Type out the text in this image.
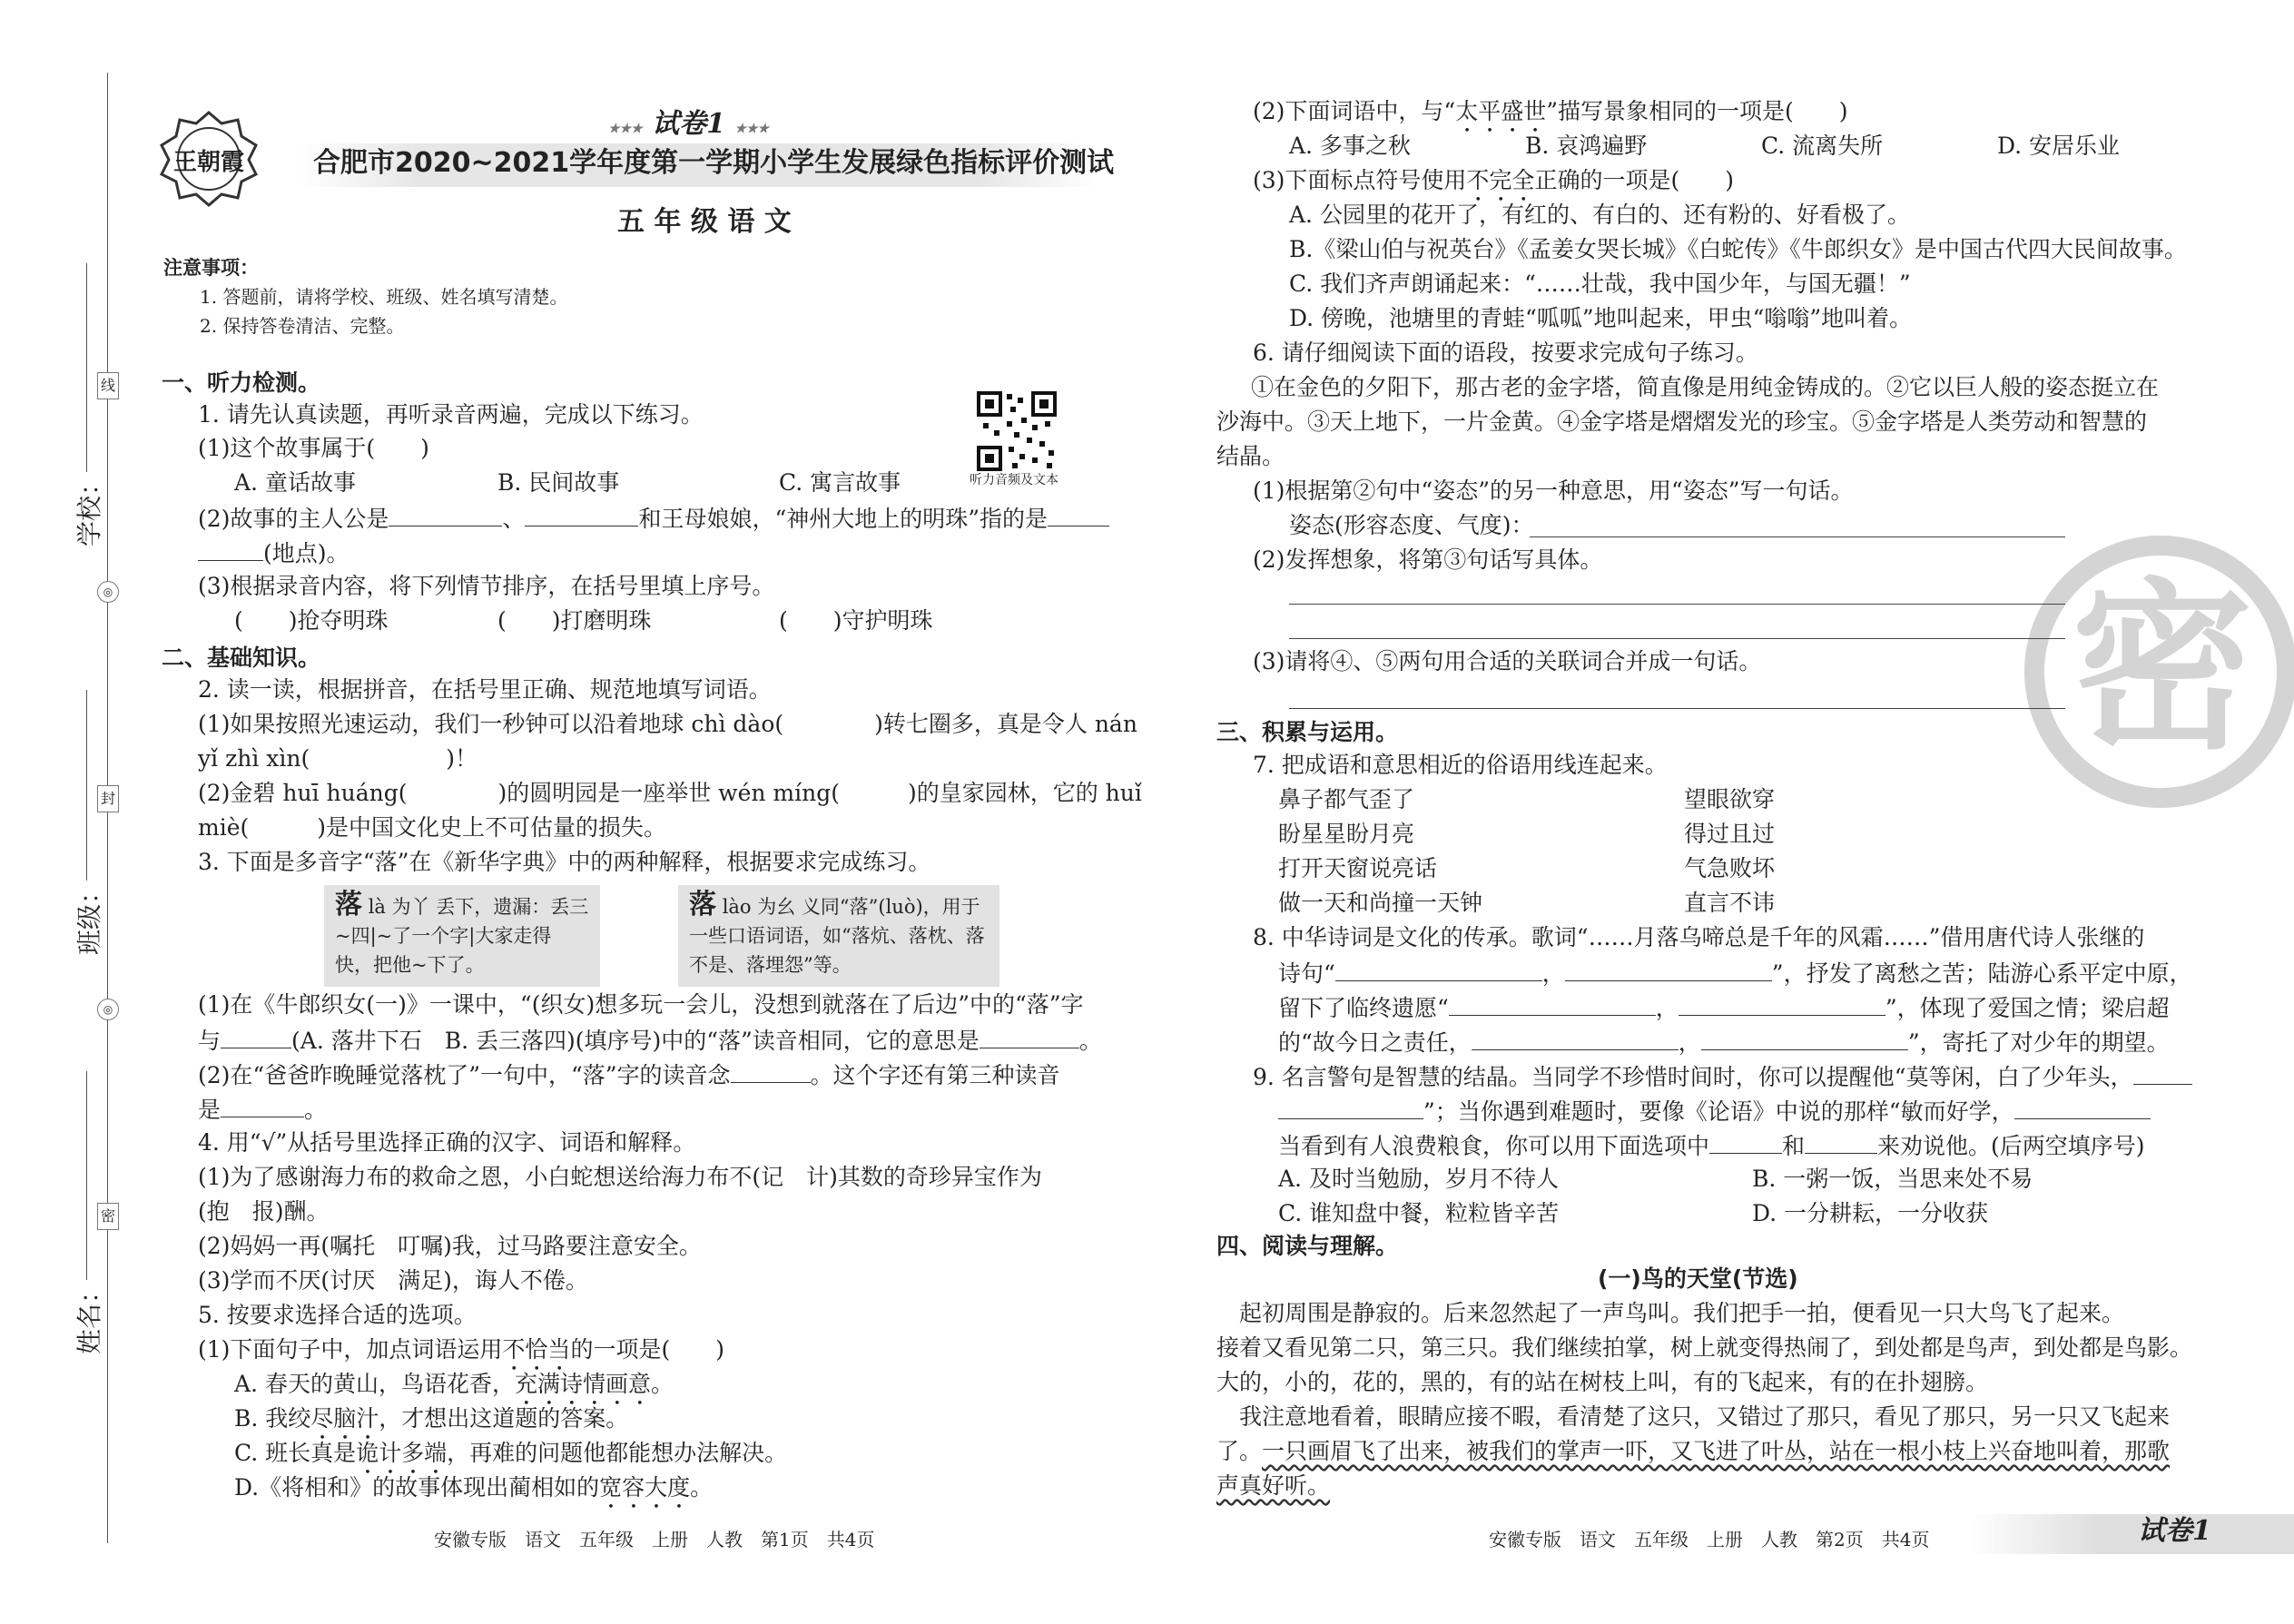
线
封
密
◎
◎
学校：
班级：
姓名：
王朝霞
★★★ 试卷1 ★★★
合肥市2020~2021学年度第一学期小学生发展绿色指标评价测试
五 年 级 语 文
注意事项：
1. 答题前，请将学校、班级、姓名填写清楚。
2. 保持答卷清洁、完整。
听力音频及文本
一、听力检测。
1. 请先认真读题，再听录音两遍，完成以下练习。
(1)这个故事属于(　　)
A. 童话故事	B. 民间故事	C. 寓言故事
(2)故事的主人公是	、	和王母娘娘，“神州大地上的明珠”指的是
(地点)。
(3)根据录音内容，将下列情节排序，在括号里填上序号。
(　　)抢夺明珠	(　　)打磨明珠	(　　)守护明珠
二、基础知识。
2. 读一读，根据拼音，在括号里正确、规范地填写词语。
(1)如果按照光速运动，我们一秒钟可以沿着地球 chì dào(　　　　)转七圈多，真是令人 nán
yǐ zhì xìn(　　　　　　)！
(2)金碧 huī huáng(　　　　)的圆明园是一座举世 wén míng(　　　)的皇家园林，它的 huǐ
miè(　　　)是中国文化史上不可估量的损失。
3. 下面是多音字“落”在《新华字典》中的两种解释，根据要求完成练习。
落 là 为丫 丢下，遗漏：丢三~四|~了一个字|大家走得快，把他~下了。
落 lào 为幺 义同“落”(luò)，用于一些口语词语，如“落炕、落枕、落不是、落埋怨”等。
(1)在《牛郎织女(一)》一课中，“(织女)想多玩一会儿，没想到就落在了后边”中的“落”字
与	(A. 落井下石　B. 丢三落四)(填序号)中的“落”读音相同，它的意思是	。
(2)在“爸爸昨晚睡觉落枕了”一句中，“落”字的读音念	。这个字还有第三种读音
是	。
4. 用“√”从括号里选择正确的汉字、词语和解释。
(1)为了感谢海力布的救命之恩，小白蛇想送给海力布不(记　计)其数的奇珍异宝作为
(抱　报)酬。
(2)妈妈一再(嘱托　叮嘱)我，过马路要注意安全。
(3)学而不厌(讨厌　满足)，诲人不倦。
5. 按要求选择合适的选项。
(1)下面句子中，加点词语运用不恰当的一项是(　　)
A. 春天的黄山，鸟语花香，充满诗情画意。
B. 我绞尽脑汁，才想出这道题的答案。
C. 班长真是诡计多端，再难的问题他都能想办法解决。
D.《将相和》的故事体现出蔺相如的宽容大度。
安徽专版　语文　五年级　上册　人教　第1页　共4页
密
(2)下面词语中，与“太平盛世”描写景象相同的一项是(　　)
A. 多事之秋	B. 哀鸿遍野	C. 流离失所	D. 安居乐业
(3)下面标点符号使用不完全正确的一项是(　　)
A. 公园里的花开了，有红的、有白的、还有粉的、好看极了。
B.《梁山伯与祝英台》《孟姜女哭长城》《白蛇传》《牛郎织女》是中国古代四大民间故事。
C. 我们齐声朗诵起来：“……壮哉，我中国少年，与国无疆！”
D. 傍晚，池塘里的青蛙“呱呱”地叫起来，甲虫“嗡嗡”地叫着。
6. 请仔细阅读下面的语段，按要求完成句子练习。
①在金色的夕阳下，那古老的金字塔，简直像是用纯金铸成的。②它以巨人般的姿态挺立在
沙海中。③天上地下，一片金黄。④金字塔是熠熠发光的珍宝。⑤金字塔是人类劳动和智慧的
结晶。
(1)根据第②句中“姿态”的另一种意思，用“姿态”写一句话。
姿态(形容态度、气度)：
(2)发挥想象，将第③句话写具体。
(3)请将④、⑤两句用合适的关联词合并成一句话。
三、积累与运用。
7. 把成语和意思相近的俗语用线连起来。
鼻子都气歪了	望眼欲穿
盼星星盼月亮	得过且过
打开天窗说亮话	气急败坏
做一天和尚撞一天钟	直言不讳
8. 中华诗词是文化的传承。歌词“……月落乌啼总是千年的风霜……”借用唐代诗人张继的
诗句“	，	”，抒发了离愁之苦；陆游心系平定中原，
留下了临终遗愿“	，	”，体现了爱国之情；梁启超
的“故今日之责任，	，	”，寄托了对少年的期望。
9. 名言警句是智慧的结晶。当同学不珍惜时间时，你可以提醒他“莫等闲，白了少年头，
”；当你遇到难题时，要像《论语》中说的那样“敏而好学，
当看到有人浪费粮食，你可以用下面选项中	和	来劝说他。(后两空填序号)
A. 及时当勉励，岁月不待人	B. 一粥一饭，当思来处不易
C. 谁知盘中餐，粒粒皆辛苦	D. 一分耕耘，一分收获
四、阅读与理解。
(一)鸟的天堂(节选)
　起初周围是静寂的。后来忽然起了一声鸟叫。我们把手一拍，便看见一只大鸟飞了起来。
接着又看见第二只，第三只。我们继续拍掌，树上就变得热闹了，到处都是鸟声，到处都是鸟影。
大的，小的，花的，黑的，有的站在树枝上叫，有的飞起来，有的在扑翅膀。
　我注意地看着，眼睛应接不暇，看清楚了这只，又错过了那只，看见了那只，另一只又飞起来
了。一只画眉飞了出来，被我们的掌声一吓，又飞进了叶丛，站在一根小枝上兴奋地叫着，那歌
声真好听。
安徽专版　语文　五年级　上册　人教　第2页　共4页	试卷1
